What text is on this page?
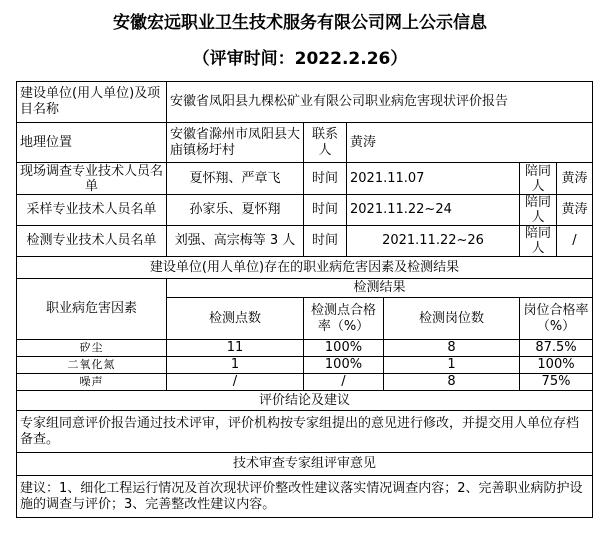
安徽宏远职业卫生技术服务有限公司网上公示信息
（评审时间：2022.2.26）
建设单位(用人单位)及项目名称	安徽省凤阳县九棵松矿业有限公司职业病危害现状评价报告					
地理位置	安徽省滁州市凤阳县大庙镇杨圩村	联系人	黄涛			
现场调查专业技术人员名单	夏怀翔、严章飞	时间	2021.11.07		陪同人	黄涛
采样专业技术人员名单	孙家乐、夏怀翔	时间	2021.11.22~24		陪同人	黄涛
检测专业技术人员名单	刘强、高宗梅等 3 人	时间	2021.11.22~26		陪同人	/
建设单位(用人单位)存在的职业病危害因素及检测结果						
职业病危害因素	检测结果					
	检测点数	检测点合格率（%）		检测岗位数	岗位合格率（%）	
矽尘	11	100%		8	87.5%	
二氧化氮	1	100%		1	100%	
噪声	/	/		8	75%	
评价结论及建议						
专家组同意评价报告通过技术评审，评价机构按专家组提出的意见进行修改，并提交用人单位存档备查。						
技术审查专家组评审意见						
建议：1、细化工程运行情况及首次现状评价整改性建议落实情况调查内容；2、完善职业病防护设施的调查与评价；3、完善整改性建议内容。						
